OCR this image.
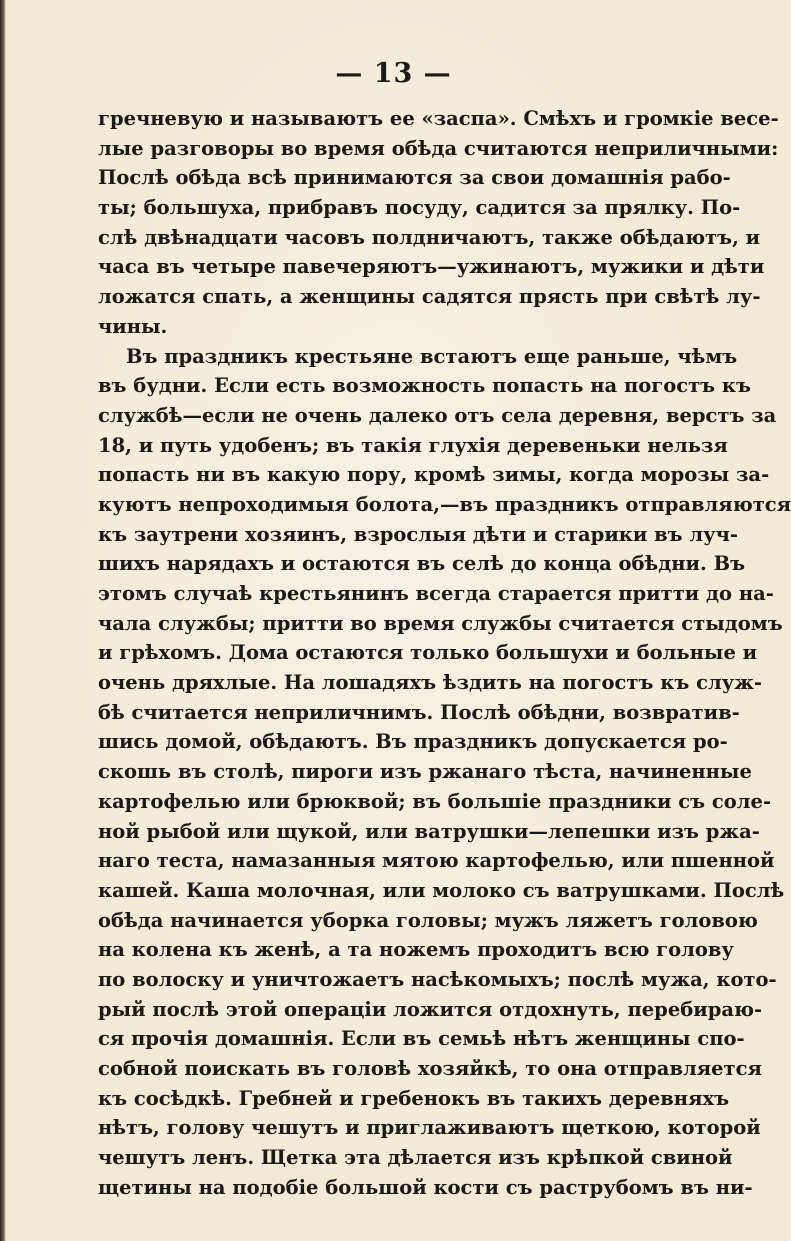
— 13 —
гречневую и называютъ ее «заспа». Смѣхъ и громкіе весе-
лые разговоры во время обѣда считаются неприличными:
Послѣ обѣда всѣ принимаются за свои домашнія рабо-
ты; большуха, прибравъ посуду, садится за прялку. По-
слѣ двѣнадцати часовъ полдничаютъ, также обѣдаютъ, и
часа въ четыре павечеряютъ—ужинаютъ, мужики и дѣти
ложатся спать, а женщины садятся прясть при свѣтѣ лу-
чины.
Въ праздникъ крестьяне встаютъ еще раньше, чѣмъ
въ будни. Если есть возможность попасть на погостъ къ
службѣ—если не очень далеко отъ села деревня, верстъ за
18, и путь удобенъ; въ такія глухія деревеньки нельзя
попасть ни въ какую пору, кромѣ зимы, когда морозы за-
куютъ непроходимыя болота,—въ праздникъ отправляются
къ заутрени хозяинъ, взрослыя дѣти и старики въ луч-
шихъ нарядахъ и остаются въ селѣ до конца обѣдни. Въ
этомъ случаѣ крестьянинъ всегда старается притти до на-
чала службы; притти во время службы считается стыдомъ
и грѣхомъ. Дома остаются только большухи и больные и
очень дряхлые. На лошадяхъ ѣздить на погостъ къ служ-
бѣ считается неприличнимъ. Послѣ обѣдни, возвратив-
шись домой, обѣдаютъ. Въ праздникъ допускается ро-
скошь въ столѣ, пироги изъ ржанаго тѣста, начиненные
картофелью или брюквой; въ большіе праздники съ соле-
ной рыбой или щукой, или ватрушки—лепешки изъ ржа-
наго теста, намазанныя мятою картофелью, или пшенной
кашей. Каша молочная, или молоко съ ватрушками. Послѣ
обѣда начинается уборка головы; мужъ ляжетъ головою
на колена къ женѣ, а та ножемъ проходитъ всю голову
по волоску и уничтожаетъ насѣкомыхъ; послѣ мужа, кото-
рый послѣ этой операціи ложится отдохнуть, перебираю-
ся прочія домашнія. Если въ семьѣ нѣтъ женщины спо-
собной поискать въ головѣ хозяйкѣ, то она отправляется
къ сосѣдкѣ. Гребней и гребенокъ въ такихъ деревняхъ
нѣтъ, голову чешутъ и приглаживаютъ щеткою, которой
чешутъ ленъ. Щетка эта дѣлается изъ крѣпкой свиной
щетины на подобіе большой кости съ раструбомъ въ ни-
